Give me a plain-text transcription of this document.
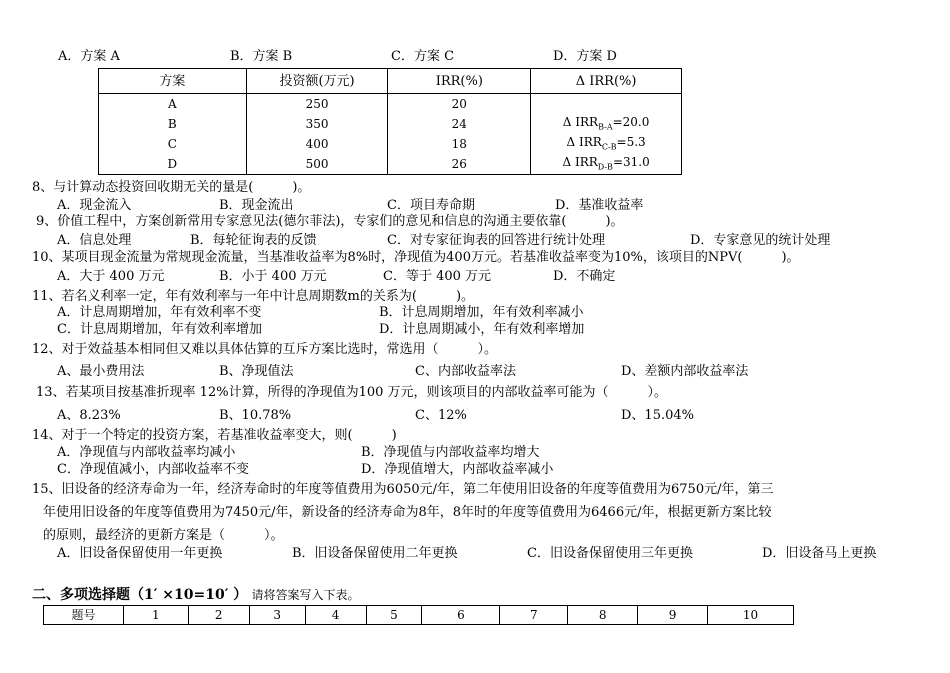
A．方案 A	B．方案 B	C．方案 C	D．方案 D
方案	投资额(万元)	IRR(%)	Δ IRR(%)
A	250	20	
B	350	24	Δ $IRR_{B-A}=20.0$
C	400	18	Δ $IRR_{C-B}=5.3$
D	500	26	Δ $IRR_{D-B}=31.0$
8、与计算动态投资回收期无关的量是(　　　)。
A．现金流入	B．现金流出	C．项目寿命期	D．基准收益率
9、价值工程中，方案创新常用专家意见法(德尔菲法)，专家们的意见和信息的沟通主要依靠(　　　)。
A．信息处理	B．每轮征询表的反馈	C．对专家征询表的回答进行统计处理	D．专家意见的统计处理
10、某项目现金流量为常规现金流量，当基准收益率为8%时，净现值为400万元。若基准收益率变为10%，该项目的NPV(　　　)。
A．大于 400 万元	B．小于 400 万元	C．等于 400 万元	D．不确定
11、若名义利率一定，年有效利率与一年中计息周期数m的关系为(　　　)。
A．计息周期增加，年有效利率不变	B．计息周期增加，年有效利率减小
C．计息周期增加，年有效利率增加	D．计息周期减小，年有效利率增加
12、对于效益基本相同但又难以具体估算的互斥方案比选时，常选用（　　　）。
A、最小费用法	B、净现值法	C、内部收益率法	D、差额内部收益率法
13、若某项目按基准折现率 12%计算，所得的净现值为100 万元，则该项目的内部收益率可能为（　　　）。
A、8.23%	B、10.78%	C、12%	D、15.04%
14、对于一个特定的投资方案，若基准收益率变大，则(　　　)
A．净现值与内部收益率均减小	B．净现值与内部收益率均增大
C．净现值减小，内部收益率不变	D．净现值增大，内部收益率减小
15、旧设备的经济寿命为一年，经济寿命时的年度等值费用为6050元/年，第二年使用旧设备的年度等值费用为6750元/年，第三
年使用旧设备的年度等值费用为7450元/年，新设备的经济寿命为8年，8年时的年度等值费用为6466元/年，根据更新方案比较
的原则，最经济的更新方案是（　　　）。
A．旧设备保留使用一年更换	B．旧设备保留使用二年更换	C．旧设备保留使用三年更换	D．旧设备马上更换
二、多项选择题（1′ ×10=10′ ） 请将答案写入下表。
题号	1	2	3	4	5	6	7	8	9	10
